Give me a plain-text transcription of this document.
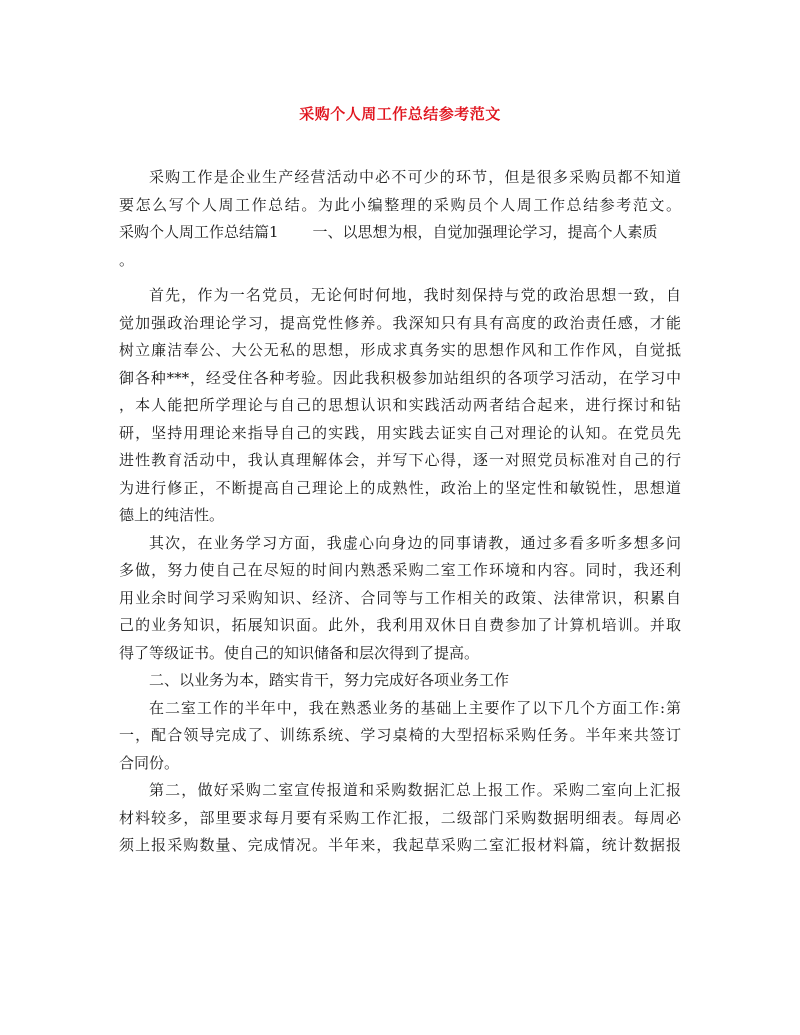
采购个人周工作总结参考范文
采购工作是企业生产经营活动中必不可少的环节，但是很多采购员都不知道
要怎么写个人周工作总结。为此小编整理的采购员个人周工作总结参考范文。
采购个人周工作总结篇1 一、以思想为根，自觉加强理论学习，提高个人素质
。
首先，作为一名党员，无论何时何地，我时刻保持与党的政治思想一致，自
觉加强政治理论学习，提高党性修养。我深知只有具有高度的政治责任感，才能
树立廉洁奉公、大公无私的思想，形成求真务实的思想作风和工作作风，自觉抵
御各种***，经受住各种考验。因此我积极参加站组织的各项学习活动，在学习中
，本人能把所学理论与自己的思想认识和实践活动两者结合起来，进行探讨和钻
研，坚持用理论来指导自己的实践，用实践去证实自己对理论的认知。在党员先
进性教育活动中，我认真理解体会，并写下心得，逐一对照党员标准对自己的行
为进行修正，不断提高自己理论上的成熟性，政治上的坚定性和敏锐性，思想道
德上的纯洁性。
其次，在业务学习方面，我虚心向身边的同事请教，通过多看多听多想多问
多做，努力使自己在尽短的时间内熟悉采购二室工作环境和内容。同时，我还利
用业余时间学习采购知识、经济、合同等与工作相关的政策、法律常识，积累自
己的业务知识，拓展知识面。此外，我利用双休日自费参加了计算机培训。并取
得了等级证书。使自己的知识储备和层次得到了提高。
二、以业务为本，踏实肯干，努力完成好各项业务工作
在二室工作的半年中，我在熟悉业务的基础上主要作了以下几个方面工作:第
一，配合领导完成了、训练系统、学习桌椅的大型招标采购任务。半年来共签订
合同份。
第二，做好采购二室宣传报道和采购数据汇总上报工作。采购二室向上汇报
材料较多，部里要求每月要有采购工作汇报，二级部门采购数据明细表。每周必
须上报采购数量、完成情况。半年来，我起草采购二室汇报材料篇，统计数据报
